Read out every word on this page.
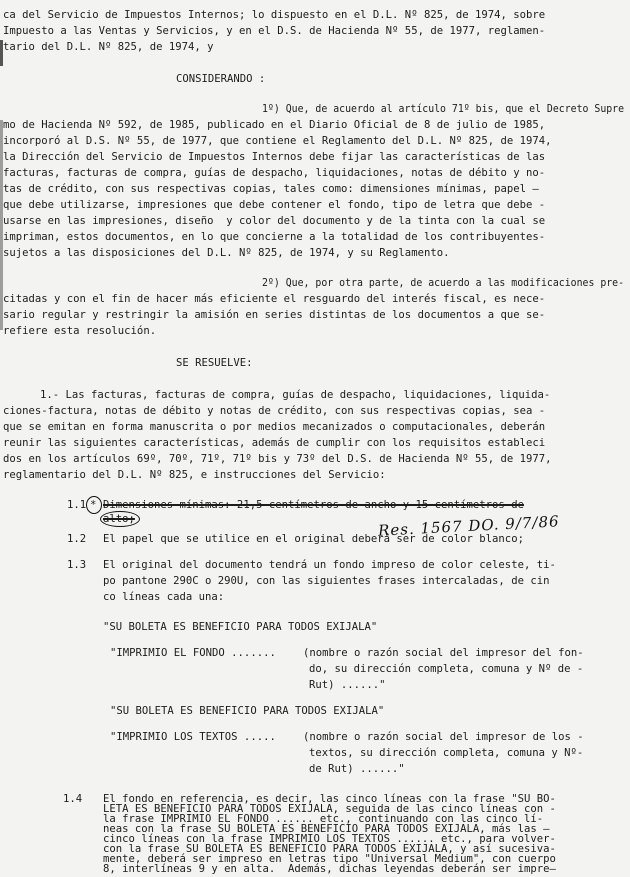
ca del Servicio de Impuestos Internos; lo dispuesto en el D.L. Nº 825, de 1974, sobre
Impuesto a las Ventas y Servicios, y en el D.S. de Hacienda Nº 55, de 1977, reglamen-
tario del D.L. Nº 825, de 1974, y
CONSIDERANDO :
1º) Que, de acuerdo al artículo 71º bis, que el Decreto Supre
mo de Hacienda Nº 592, de 1985, publicado en el Diario Oficial de 8 de julio de 1985,
incorporó al D.S. Nº 55, de 1977, que contiene el Reglamento del D.L. Nº 825, de 1974,
la Dirección del Servicio de Impuestos Internos debe fijar las características de las
facturas, facturas de compra, guías de despacho, liquidaciones, notas de débito y no-
tas de crédito, con sus respectivas copias, tales como: dimensiones mínimas, papel —
que debe utilizarse, impresiones que debe contener el fondo, tipo de letra que debe -
usarse en las impresiones, diseño  y color del documento y de la tinta con la cual se
impriman, estos documentos, en lo que concierne a la totalidad de los contribuyentes-
sujetos a las disposiciones del D.L. Nº 825, de 1974, y su Reglamento.
2º) Que, por otra parte, de acuerdo a las modificaciones pre-
citadas y con el fin de hacer más eficiente el resguardo del interés fiscal, es nece-
sario regular y restringir la amisión en series distintas de los documentos a que se-
refiere esta resolución.
SE RESUELVE:
1.- Las facturas, facturas de compra, guías de despacho, liquidaciones, liquida-
ciones-factura, notas de débito y notas de crédito, con sus respectivas copias, sea -
que se emitan en forma manuscrita o por medios mecanizados o computacionales, deberán
reunir las siguientes características, además de cumplir con los requisitos estableci
dos en los artículos 69º, 70º, 71º, 71º bis y 73º del D.S. de Hacienda Nº 55, de 1977,
reglamentario del D.L. Nº 825, e instrucciones del Servicio:
1.1 * Dimensiones mínimas: 21,5 centímetros de ancho y 15 centímetros de
alto;	Res. 1567 DO. 9/7/86
1.2 El papel que se utilice en el original deberá ser de color blanco;
1.3 El original del documento tendrá un fondo impreso de color celeste, ti-
po pantone 290C o 290U, con las siguientes frases intercaladas, de cin
co líneas cada una:
"SU BOLETA ES BENEFICIO PARA TODOS EXIJALA"
"IMPRIMIO EL FONDO .......	(nombre o razón social del impresor del fon-
do, su dirección completa, comuna y Nº de -
Rut) ......"
"SU BOLETA ES BENEFICIO PARA TODOS EXIJALA"
"IMPRIMIO LOS TEXTOS .....	(nombre o razón social del impresor de los -
textos, su dirección completa, comuna y Nº-
de Rut) ......"
1.4 El fondo en referencia, es decir, las cinco líneas con la frase "SU BO-
LETA ES BENEFICIO PARA TODOS EXIJALA, seguida de las cinco líneas con -
la frase IMPRIMIO EL FONDO ...... etc., continuando con las cinco lí-
neas con la frase SU BOLETA ES BENEFICIO PARA TODOS EXIJALA, más las —
cinco líneas con la frase IMPRIMIO LOS TEXTOS ...... etc., para volver-
con la frase SU BOLETA ES BENEFICIO PARA TODOS EXIJALA, y así sucesiva-
mente, deberá ser impreso en letras tipo "Universal Medium", con cuerpo
8, interlíneas 9 y en alta.  Además, dichas leyendas deberán ser impre—
